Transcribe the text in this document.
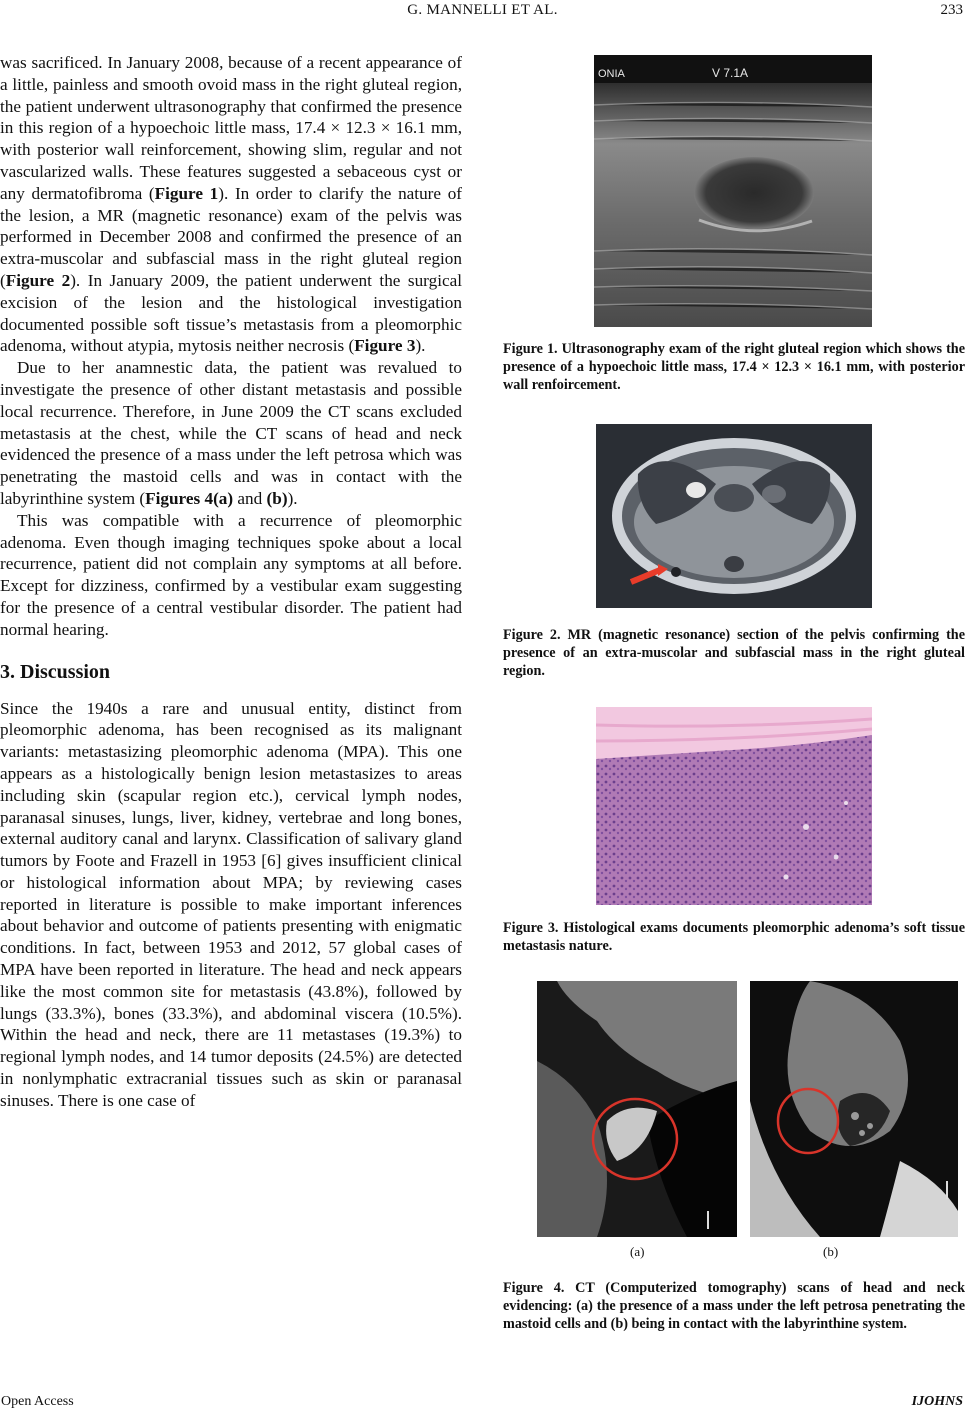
G. MANNELLI ET AL.	233

was sacrificed. In January 2008, because of a recent appearance of a little, painless and smooth ovoid mass in the right gluteal region, the patient underwent ultrasonography that confirmed the presence in this region of a hypoechoic little mass, 17.4 × 12.3 × 16.1 mm, with posterior wall reinforcement, showing slim, regular and not vascularized walls. These features suggested a sebaceous cyst or any dermatofibroma (Figure 1). In order to clarify the nature of the lesion, a MR (magnetic resonance) exam of the pelvis was performed in December 2008 and confirmed the presence of an extra-muscolar and subfascial mass in the right gluteal region (Figure 2). In January 2009, the patient underwent the surgical excision of the lesion and the histological investigation documented possible soft tissue’s metastasis from a pleomorphic adenoma, without atypia, mytosis neither necrosis (Figure 3).

Due to her anamnestic data, the patient was revalued to investigate the presence of other distant metastasis and possible local recurrence. Therefore, in June 2009 the CT scans excluded metastasis at the chest, while the CT scans of head and neck evidenced the presence of a mass under the left petrosa which was penetrating the mastoid cells and was in contact with the labyrinthine system (Figures 4(a) and (b)).

This was compatible with a recurrence of pleomorphic adenoma. Even though imaging techniques spoke about a local recurrence, patient did not complain any symptoms at all before. Except for dizziness, confirmed by a vestibular exam suggesting for the presence of a central vestibular disorder. The patient had normal hearing.

3. Discussion

Since the 1940s a rare and unusual entity, distinct from pleomorphic adenoma, has been recognised as its malignant variants: metastasizing pleomorphic adenoma (MPA). This one appears as a histologically benign lesion metastasizes to areas including skin (scapular region etc.), cervical lymph nodes, paranasal sinuses, lungs, liver, kidney, vertebrae and long bones, external auditory canal and larynx. Classification of salivary gland tumors by Foote and Frazell in 1953 [6] gives insufficient clinical or histological information about MPA; by reviewing cases reported in literature is possible to make important inferences about behavior and outcome of patients presenting with enigmatic conditions. In fact, between 1953 and 2012, 57 global cases of MPA have been reported in literature. The head and neck appears like the most common site for metastasis (43.8%), followed by lungs (33.3%), bones (33.3%), and abdominal viscera (10.5%). Within the head and neck, there are 11 metastases (19.3%) to regional lymph nodes, and 14 tumor deposits (24.5%) are detected in nonlymphatic extracranial tissues such as skin or paranasal sinuses. There is one case of

ONIA	V 7.1A
Figure 1. Ultrasonography exam of the right gluteal region which shows the presence of a hypoechoic little mass, 17.4 × 12.3 × 16.1 mm, with posterior wall renfoircement.
Figure 2. MR (magnetic resonance) section of the pelvis confirming the presence of an extra-muscolar and subfascial mass in the right gluteal region.
Figure 3. Histological exams documents pleomorphic adenoma’s soft tissue metastasis nature.
(a)	(b)
Figure 4. CT (Computerized tomography) scans of head and neck evidencing: (a) the presence of a mass under the left petrosa penetrating the mastoid cells and (b) being in contact with the labyrinthine system.
Open Access	IJOHNS
